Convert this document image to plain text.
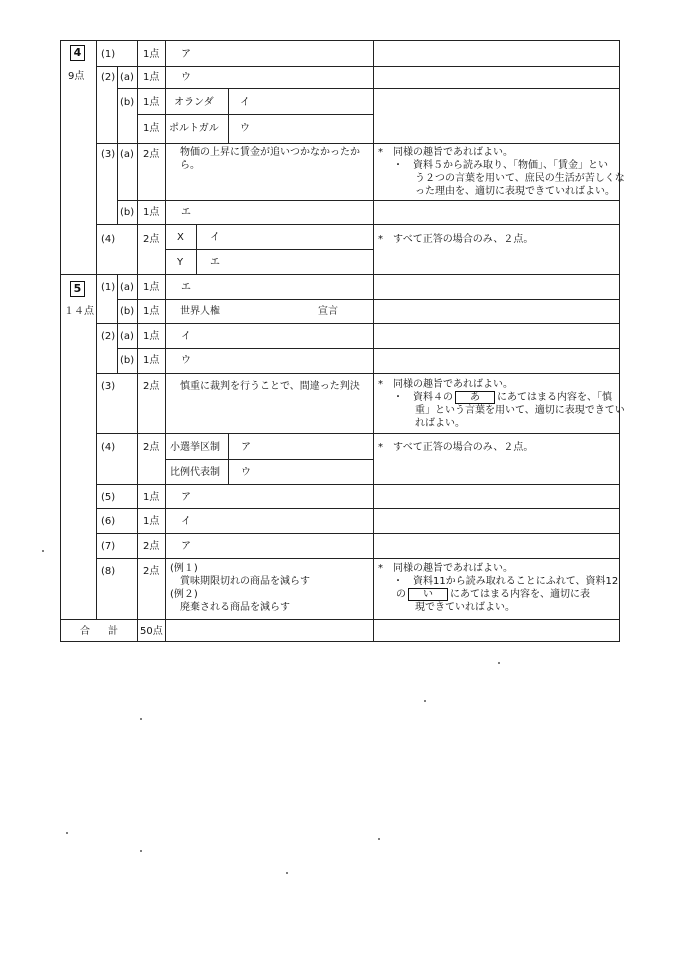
4
9点
(1)	1点 ア
(2) (a) 1点 ウ
(b) 1点 オランダ	イ
1点 ポルトガル ウ
(3) (a) 2点 物価の上昇に賃金が追いつかなかったか
ら。
*　同様の趣旨であればよい。
・　資料５から読み取り、「物価」、「賃金」とい
う２つの言葉を用いて、庶民の生活が苦しくな
った理由を、適切に表現できていればよい。
(b) 1点 エ
(4)	2点 X	イ
Y	エ
*　すべて正答の場合のみ、２点。
5
１４点
(1) (a) 1点 エ
(b) 1点 世界人権	宣言
(2) (a) 1点 イ
(b) 1点 ウ
(3)	2点 慎重に裁判を行うことで、間違った判決 *　同様の趣旨であればよい。
・　資料４の あ にあてはまる内容を、「慎
重」という言葉を用いて、適切に表現できてい
ればよい。
(4)	2点 小選挙区制 ア
比例代表制 ウ
*　すべて正答の場合のみ、２点。
(5)	1点 ア
(6)	1点 イ
(7)	2点 ア
(8)	2点 (例１)
　賞味期限切れの商品を減らす
(例２)
　廃棄される商品を減らす
*　同様の趣旨であればよい。
・　資料11から読み取れることにふれて、資料12
の い にあてはまる内容を、適切に表
現できていればよい。
合 計 50点
